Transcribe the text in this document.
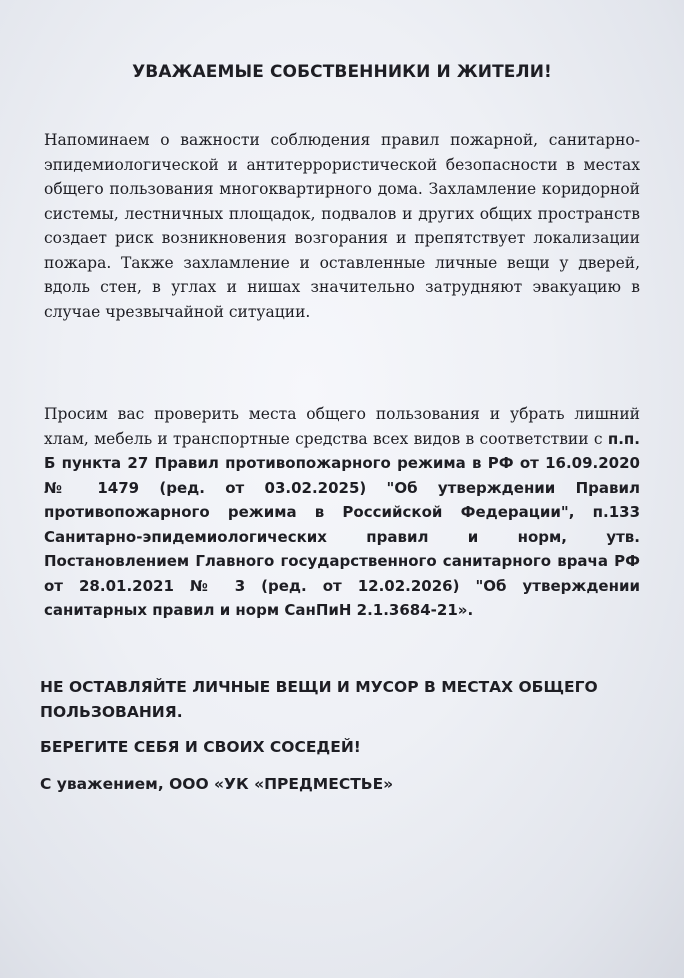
УВАЖАЕМЫЕ СОБСТВЕННИКИ И ЖИТЕЛИ!

Напоминаем о важности соблюдения правил пожарной, санитарно-эпидемиологической и антитеррористической безопасности в местах общего пользования многоквартирного дома. Захламление коридорной системы, лестничных площадок, подвалов и других общих пространств создает риск возникновения возгорания и препятствует локализации пожара. Также захламление и оставленные личные вещи у дверей, вдоль стен, в углах и нишах значительно затрудняют эвакуацию в случае чрезвычайной ситуации.

Просим вас проверить места общего пользования и убрать лишний хлам, мебель и транспортные средства всех видов в соответствии с п.п. Б пункта 27 Правил противопожарного режима в РФ от 16.09.2020 № 1479 (ред. от 03.02.2025) "Об утверждении Правил противопожарного режима в Российской Федерации", п.133 Санитарно-эпидемиологических правил и норм, утв. Постановлением Главного государственного санитарного врача РФ от 28.01.2021 № 3 (ред. от 12.02.2026) "Об утверждении санитарных правил и норм СанПиН 2.1.3684-21».

НЕ ОСТАВЛЯЙТЕ ЛИЧНЫЕ ВЕЩИ И МУСОР В МЕСТАХ ОБЩЕГО ПОЛЬЗОВАНИЯ.

БЕРЕГИТЕ СЕБЯ И СВОИХ СОСЕДЕЙ!

С уважением, ООО «УК «ПРЕДМЕСТЬЕ»
